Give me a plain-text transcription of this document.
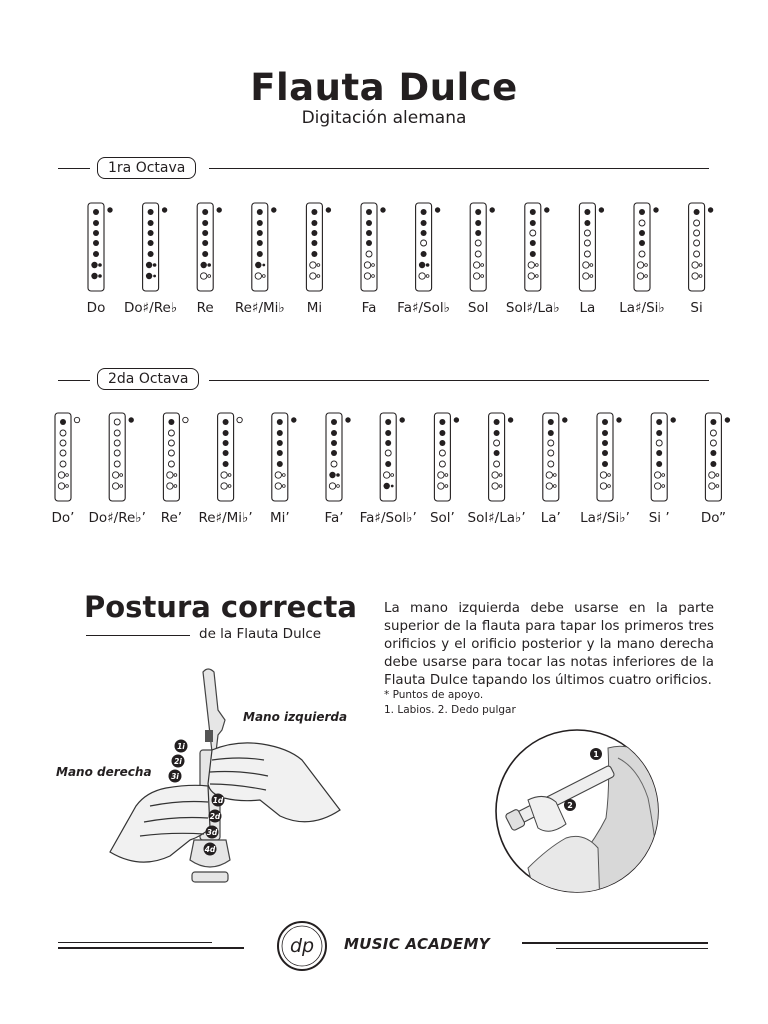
Flauta Dulce
Digitación alemana
1ra Octava
Do Do♯/Re♭ Re Re♯/Mi♭ Mi	Fa Fa♯/Sol♭ Sol Sol♯/La♭ La La♯/Si♭ Si
2da Octava
Do’ Do♯/Re♭’ Re’ Re♯/Mi♭’ Mi’	Fa’ Fa♯/Sol♭’ Sol’ Sol♯/La♭’ La’ La♯/Si♭’ Si ’ Do”
Postura correcta
de la Flauta Dulce
La mano izquierda debe usarse en la parte superior de la flauta para tapar los primeros tres orificios y el orificio posterior y la mano derecha debe usarse para tocar las notas inferiores de la Flauta Dulce tapando los últimos cuatro orificios.
* Puntos de apoyo.
1. Labios. 2. Dedo pulgar
1i
2i
3i
1d
2d
3d
4d
Mano izquierda
Mano derecha
1
2
dp MUSIC ACADEMY
